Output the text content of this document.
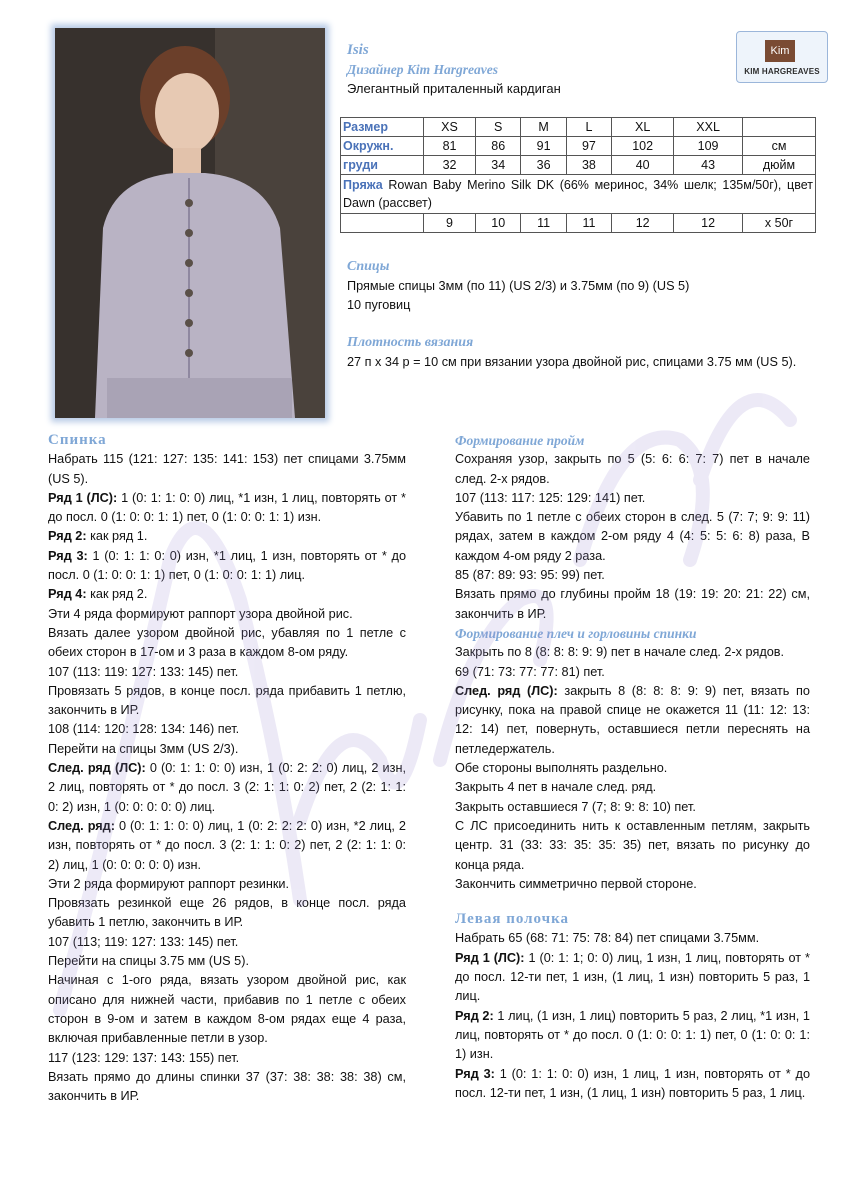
Kim
KIM HARGREAVES
Isis
Дизайнер Kim Hargreaves
Элегантный приталенный кардиган
Размер	XS	S	M	L	XL	XXL	
Окружн.	81	86	91	97	102	109	см
груди	32	34	36	38	40	43	дюйм
Пряжа Rowan Baby Merino Silk DK (66% меринос, 34% шелк; 135м/50г), цвет Dawn (рассвет)							
	9	10	11	11	12	12	х 50г
Спицы
Прямые спицы 3мм (по 11) (US 2/3) и 3.75мм (по 9) (US 5)
10 пуговиц
Плотность вязания
27 п х 34 р = 10 см при вязании узора двойной рис, спицами 3.75 мм (US 5).

Спинка

Набрать 115 (121: 127: 135: 141: 153) пет спицами 3.75мм (US 5).

Ряд 1 (ЛС): 1 (0: 1: 1: 0: 0) лиц, *1 изн, 1 лиц, повторять от * до посл. 0 (1: 0: 0: 1: 1) пет, 0 (1: 0: 0: 1: 1) изн.

Ряд 2: как ряд 1.

Ряд 3: 1 (0: 1: 1: 0: 0) изн, *1 лиц, 1 изн, повторять от * до посл. 0 (1: 0: 0: 1: 1) пет, 0 (1: 0: 0: 1: 1) лиц.

Ряд 4: как ряд 2.

Эти 4 ряда формируют раппорт узора двойной рис.

Вязать далее узором двойной рис, убавляя по 1 петле с обеих сторон в 17-ом и 3 раза в каждом 8-ом ряду.

107 (113: 119: 127: 133: 145) пет.

Провязать 5 рядов, в конце посл. ряда прибавить 1 петлю, закончить в ИР.

108 (114: 120: 128: 134: 146) пет.

Перейти на спицы 3мм (US 2/3).

След. ряд (ЛС): 0 (0: 1: 1: 0: 0) изн, 1 (0: 2: 2: 0) лиц, 2 изн, 2 лиц, повторять от * до посл. 3 (2: 1: 1: 0: 2) пет, 2 (2: 1: 1: 0: 2) изн, 1 (0: 0: 0: 0: 0) лиц.

След. ряд: 0 (0: 1: 1: 0: 0) лиц, 1 (0: 2: 2: 2: 0) изн, *2 лиц, 2 изн, повторять от * до посл. 3 (2: 1: 1: 0: 2) пет, 2 (2: 1: 1: 0: 2) лиц, 1 (0: 0: 0: 0: 0) изн.

Эти 2 ряда формируют раппорт резинки.

Провязать резинкой еще 26 рядов, в конце посл. ряда убавить 1 петлю, закончить в ИР.

107 (113; 119: 127: 133: 145) пет.

Перейти на спицы 3.75 мм (US 5).

Начиная с 1-ого ряда, вязать узором двойной рис, как описано для нижней части, прибавив по 1 петле с обеих сторон в 9-ом и затем в каждом 8-ом рядах еще 4 раза, включая прибавленные петли в узор.

117 (123: 129: 137: 143: 155) пет.

Вязать прямо до длины спинки 37 (37: 38: 38: 38: 38) см, закончить в ИР.

Формирование пройм

Сохраняя узор, закрыть по 5 (5: 6: 6: 7: 7) пет в начале след. 2-х рядов.

107 (113: 117: 125: 129: 141) пет.

Убавить по 1 петле с обеих сторон в след. 5 (7: 7; 9: 9: 11) рядах, затем в каждом 2-ом ряду 4 (4: 5: 5: 6: 8) раза, В каждом 4-ом ряду 2 раза.

85 (87: 89: 93: 95: 99) пет.

Вязать прямо до глубины пройм 18 (19: 19: 20: 21: 22) см, закончить в ИР.

Формирование плеч и горловины спинки

Закрыть по 8 (8: 8: 8: 9: 9) пет в начале след. 2-х рядов.

69 (71: 73: 77: 77: 81) пет.

След. ряд (ЛС): закрыть 8 (8: 8: 8: 9: 9) пет, вязать по рисунку, пока на правой спице не окажется 11 (11: 12: 13: 12: 14) пет, повернуть, оставшиеся петли переснять на петледержатель.

Обе стороны выполнять раздельно.

Закрыть 4 пет в начале след. ряд.

Закрыть оставшиеся 7 (7; 8: 9: 8: 10) пет.

С ЛС присоединить нить к оставленным петлям, закрыть центр. 31 (33: 33: 35: 35: 35) пет, вязать по рисунку до конца ряда.

Закончить симметрично первой стороне.

Левая полочка

Набрать 65 (68: 71: 75: 78: 84) пет спицами 3.75мм.

Ряд 1 (ЛС): 1 (0: 1: 1; 0: 0) лиц, 1 изн, 1 лиц, повторять от * до посл. 12-ти пет, 1 изн, (1 лиц, 1 изн) повторить 5 раз, 1 лиц.

Ряд 2: 1 лиц, (1 изн, 1 лиц) повторить 5 раз, 2 лиц, *1 изн, 1 лиц, повторять от * до посл. 0 (1: 0: 0: 1: 1) пет, 0 (1: 0: 0: 1: 1) изн.

Ряд 3: 1 (0: 1: 1: 0: 0) изн, 1 лиц, 1 изн, повторять от * до посл. 12-ти пет, 1 изн, (1 лиц, 1 изн) повторить 5 раз, 1 лиц.
